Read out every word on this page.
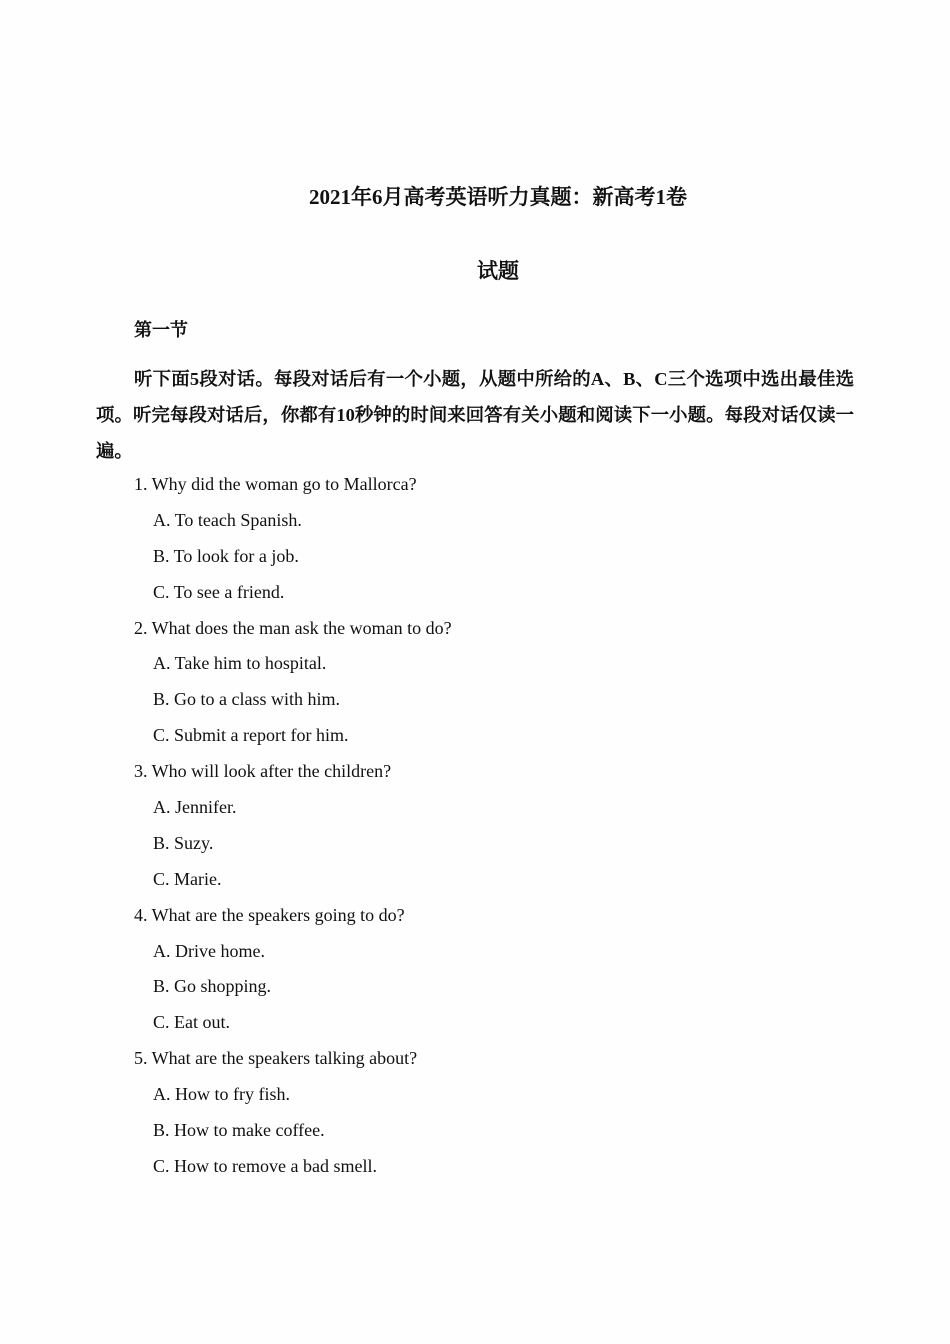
2021年6月高考英语听力真题：新高考1卷
试题

第一节

听下面5段对话。每段对话后有一个小题，从题中所给的A、B、C三个选项中选出最佳选项。听完每段对话后，你都有10秒钟的时间来回答有关小题和阅读下一小题。每段对话仅读一遍。

1. Why did the woman go to Mallorca?
A. To teach Spanish.
B. To look for a job.
C. To see a friend.
2. What does the man ask the woman to do?
A. Take him to hospital.
B. Go to a class with him.
C. Submit a report for him.
3. Who will look after the children?
A. Jennifer.
B. Suzy.
C. Marie.
4. What are the speakers going to do?
A. Drive home.
B. Go shopping.
C. Eat out.
5. What are the speakers talking about?
A. How to fry fish.
B. How to make coffee.
C. How to remove a bad smell.
